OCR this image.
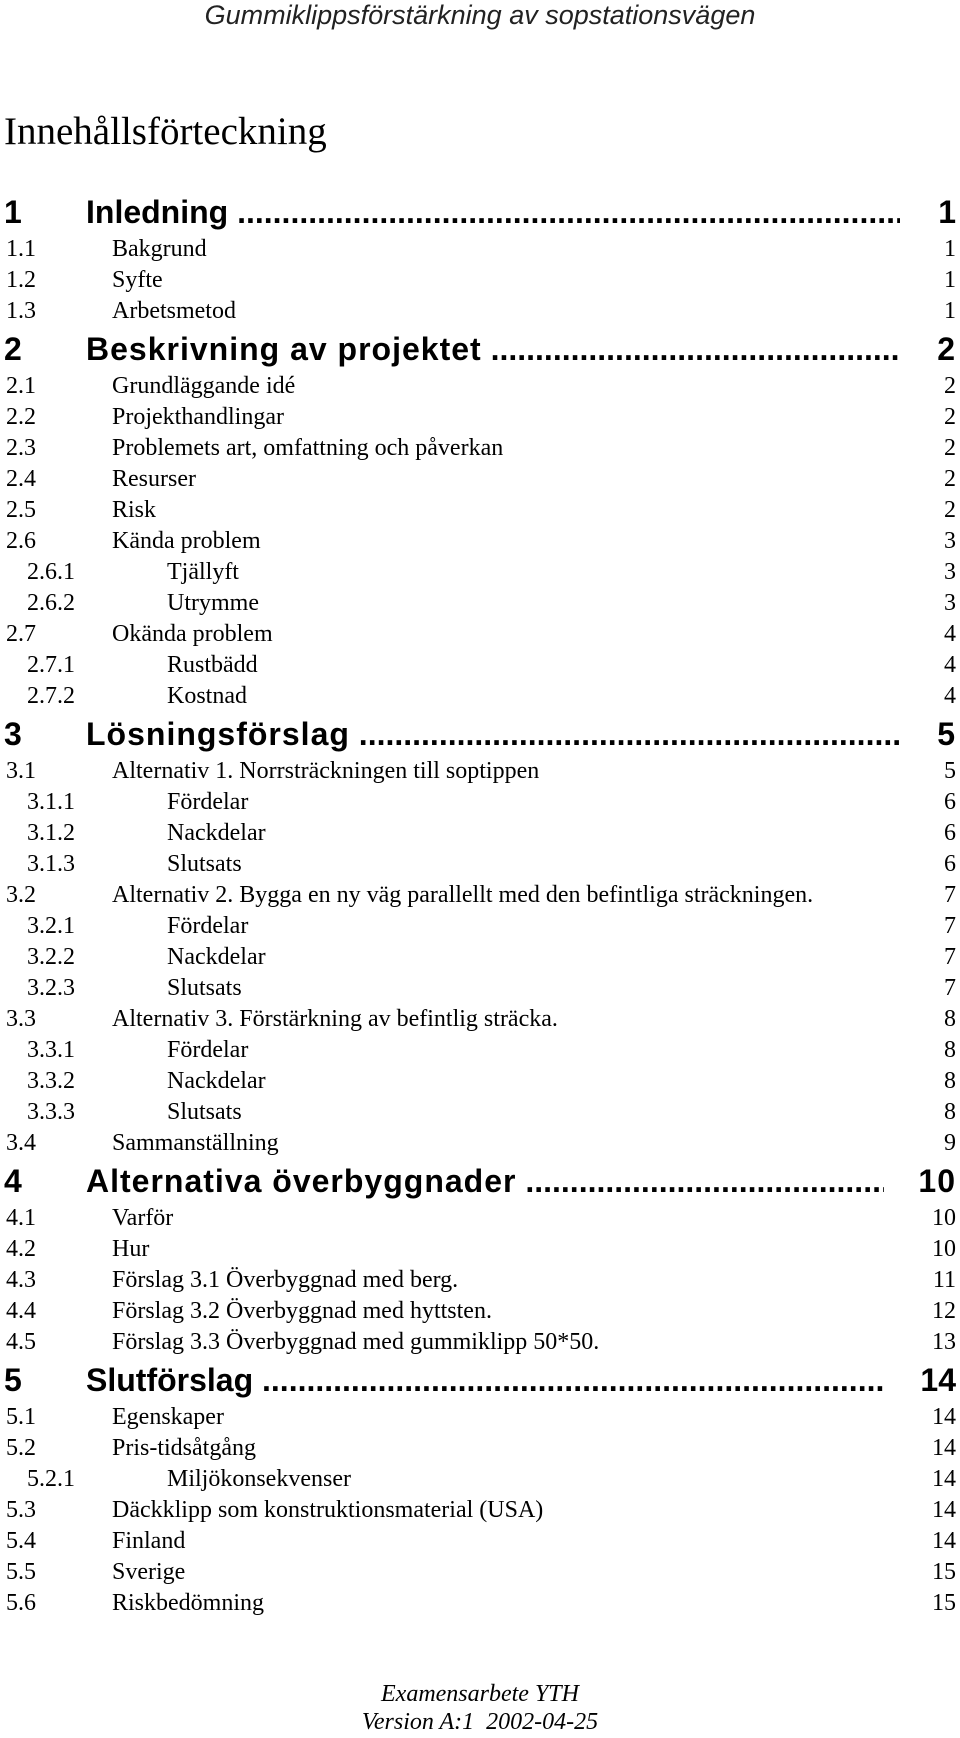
Gummiklippsförstärkning av sopstationsvägen
Innehållsförteckning
1 Inledning .....	1
1.1	Bakgrund	1
1.2	Syfte	1
1.3	Arbetsmetod	1
2 Beskrivning av projektet .....	2
2.1	Grundläggande idé	2
2.2	Projekthandlingar	2
2.3	Problemets art, omfattning och påverkan	2
2.4	Resurser	2
2.5	Risk	2
2.6	Kända problem	3
2.6.1	Tjällyft	3
2.6.2	Utrymme	3
2.7	Okända problem	4
2.7.1	Rustbädd	4
2.7.2	Kostnad	4
3 Lösningsförslag .....	5
3.1	Alternativ 1. Norrsträckningen till soptippen	5
3.1.1	Fördelar	6
3.1.2	Nackdelar	6
3.1.3	Slutsats	6
3.2	Alternativ 2. Bygga en ny väg parallellt med den befintliga sträckningen.	7
3.2.1	Fördelar	7
3.2.2	Nackdelar	7
3.2.3	Slutsats	7
3.3	Alternativ 3. Förstärkning av befintlig sträcka.	8
3.3.1	Fördelar	8
3.3.2	Nackdelar	8
3.3.3	Slutsats	8
3.4	Sammanställning	9
4 Alternativa överbyggnader .....	10
4.1	Varför	10
4.2	Hur	10
4.3	Förslag 3.1 Överbyggnad med berg.	11
4.4	Förslag 3.2 Överbyggnad med hyttsten.	12
4.5	Förslag 3.3 Överbyggnad med gummiklipp 50*50.	13
5 Slutförslag .....	14
5.1	Egenskaper	14
5.2	Pris-tidsåtgång	14
5.2.1	Miljökonsekvenser	14
5.3	Däckklipp som konstruktionsmaterial (USA)	14
5.4	Finland	14
5.5	Sverige	15
5.6	Riskbedömning	15
Examensarbete YTH
Version A:1  2002-04-25
